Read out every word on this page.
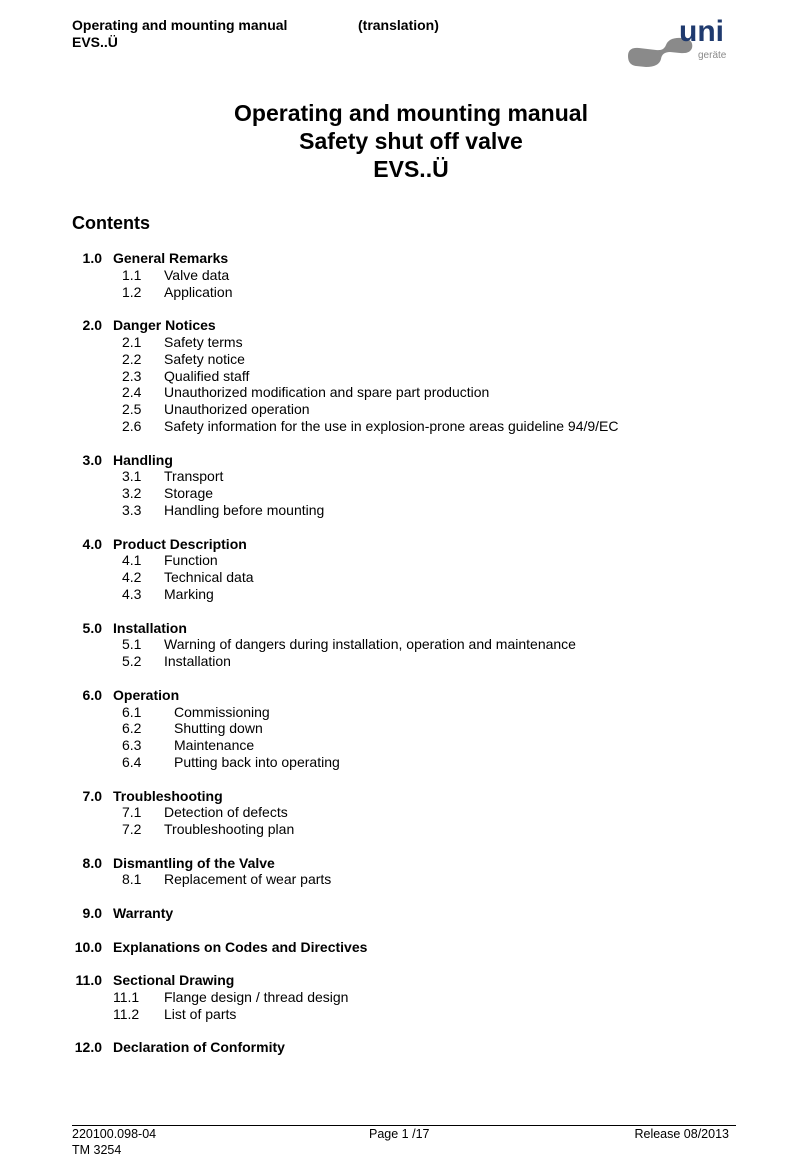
Operating and mounting manual
EVS..Ü
(translation)	uni
geräte
Operating and mounting manual
Safety shut off valve
EVS..Ü
Contents
1.0 General Remarks
1.1 Valve data
1.2 Application
2.0 Danger Notices
2.1 Safety terms
2.2 Safety notice
2.3 Qualified staff
2.4 Unauthorized modification and spare part production
2.5 Unauthorized operation
2.6 Safety information for the use in explosion-prone areas guideline 94/9/EC
3.0 Handling
3.1 Transport
3.2 Storage
3.3 Handling before mounting
4.0 Product Description
4.1 Function
4.2 Technical data
4.3 Marking
5.0 Installation
5.1 Warning of dangers during installation, operation and maintenance
5.2 Installation
6.0 Operation
6.1 Commissioning
6.2 Shutting down
6.3 Maintenance
6.4 Putting back into operating
7.0 Troubleshooting
7.1 Detection of defects
7.2 Troubleshooting plan
8.0 Dismantling of the Valve
8.1 Replacement of wear parts
9.0 Warranty
10.0 Explanations on Codes and Directives
11.0 Sectional Drawing
11.1 Flange design / thread design
11.2 List of parts
12.0 Declaration of Conformity
220100.098-04	Page 1 /17	Release 08/2013
TM 3254
